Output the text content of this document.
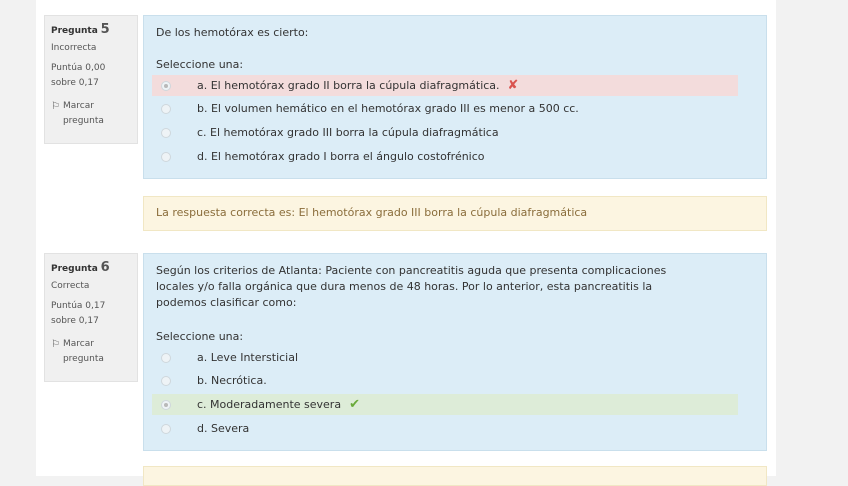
Pregunta 5
Incorrecta
Puntúa 0,00
sobre 0,17
⚐ Marcar
pregunta
De los hemotórax es cierto:
Seleccione una:
a. El hemotórax grado II borra la cúpula diafragmática. ✘
b. El volumen hemático en el hemotórax grado III es menor a 500 cc.
c. El hemotórax grado III borra la cúpula diafragmática
d. El hemotórax grado I borra el ángulo costofrénico
La respuesta correcta es: El hemotórax grado III borra la cúpula diafragmática
Pregunta 6
Correcta
Puntúa 0,17
sobre 0,17
⚐ Marcar
pregunta
Según los criterios de Atlanta: Paciente con pancreatitis aguda que presenta complicaciones
locales y/o falla orgánica que dura menos de 48 horas. Por lo anterior, esta pancreatitis la
podemos clasificar como:
Seleccione una:
a. Leve Intersticial
b. Necrótica.
c. Moderadamente severa ✔
d. Severa
